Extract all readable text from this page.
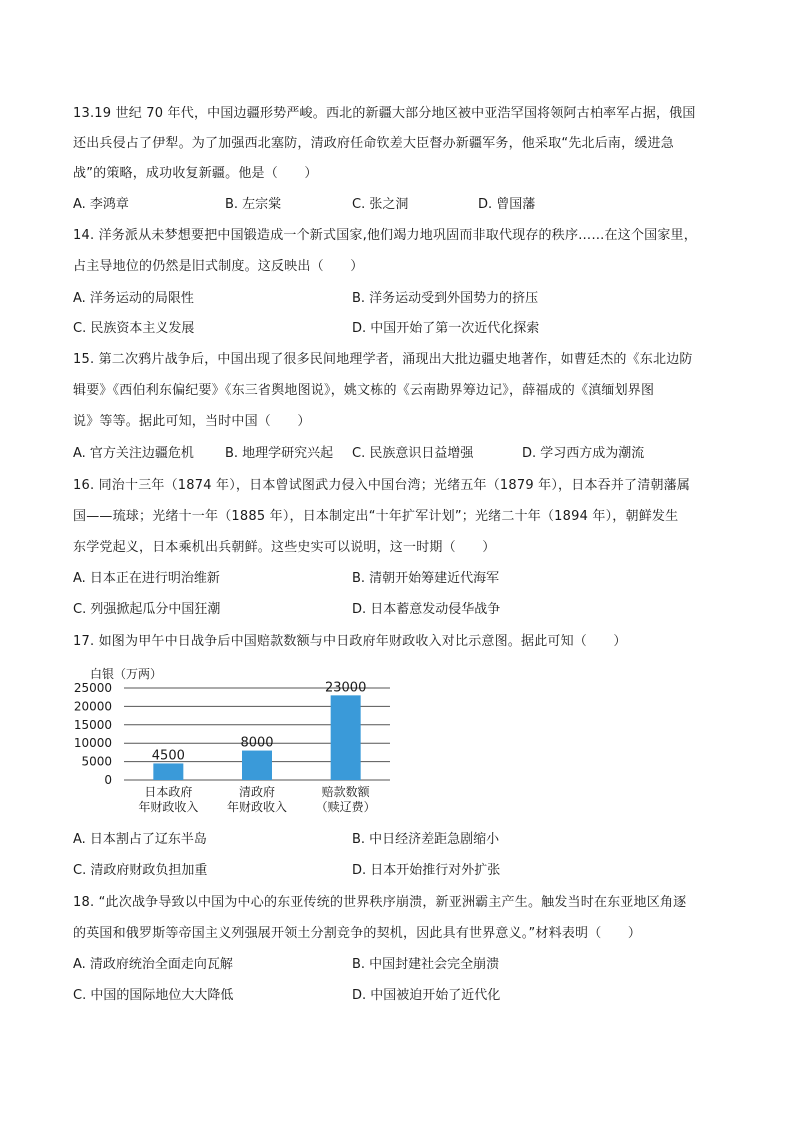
13.19 世纪 70 年代，中国边疆形势严峻。西北的新疆大部分地区被中亚浩罕国将领阿古柏率军占据，俄国
还出兵侵占了伊犁。为了加强西北塞防，清政府任命钦差大臣督办新疆军务，他采取“先北后南，缓进急
战”的策略，成功收复新疆。他是（　　）
A. 李鸿章	B. 左宗棠	C. 张之洞	D. 曾国藩
14. 洋务派从未梦想要把中国锻造成一个新式国家,他们竭力地巩固而非取代现存的秩序……在这个国家里，
占主导地位的仍然是旧式制度。这反映出（　　）
A. 洋务运动的局限性	B. 洋务运动受到外国势力的挤压
C. 民族资本主义发展	D. 中国开始了第一次近代化探索
15. 第二次鸦片战争后，中国出现了很多民间地理学者，涌现出大批边疆史地著作，如曹廷杰的《东北边防
辑要》《西伯利东偏纪要》《东三省舆地图说》，姚文栋的《云南勘界筹边记》，薛福成的《滇缅划界图
说》等等。据此可知，当时中国（　　）
A. 官方关注边疆危机 B. 地理学研究兴起 C. 民族意识日益增强	D. 学习西方成为潮流
16. 同治十三年（1874 年），日本曾试图武力侵入中国台湾；光绪五年（1879 年），日本吞并了清朝藩属
国——琉球；光绪十一年（1885 年），日本制定出“十年扩军计划”；光绪二十年（1894 年），朝鲜发生
东学党起义，日本乘机出兵朝鲜。这些史实可以说明，这一时期（　　）
A. 日本正在进行明治维新	B. 清朝开始筹建近代海军
C. 列强掀起瓜分中国狂潮	D. 日本蓄意发动侵华战争
17. 如图为甲午中日战争后中国赔款数额与中日政府年财政收入对比示意图。据此可知（　　）
白银（万两）
25000
20000
15000
10000
5000
0
4500
8000
23000
日本政府
年财政收入
清政府
年财政收入
赔款数额
（赎辽费）
A. 日本割占了辽东半岛	B. 中日经济差距急剧缩小
C. 清政府财政负担加重	D. 日本开始推行对外扩张
18. “此次战争导致以中国为中心的东亚传统的世界秩序崩溃，新亚洲霸主产生。触发当时在东亚地区角逐
的英国和俄罗斯等帝国主义列强展开领土分割竞争的契机，因此具有世界意义。”材料表明（　　）
A. 清政府统治全面走向瓦解	B. 中国封建社会完全崩溃
C. 中国的国际地位大大降低	D. 中国被迫开始了近代化
